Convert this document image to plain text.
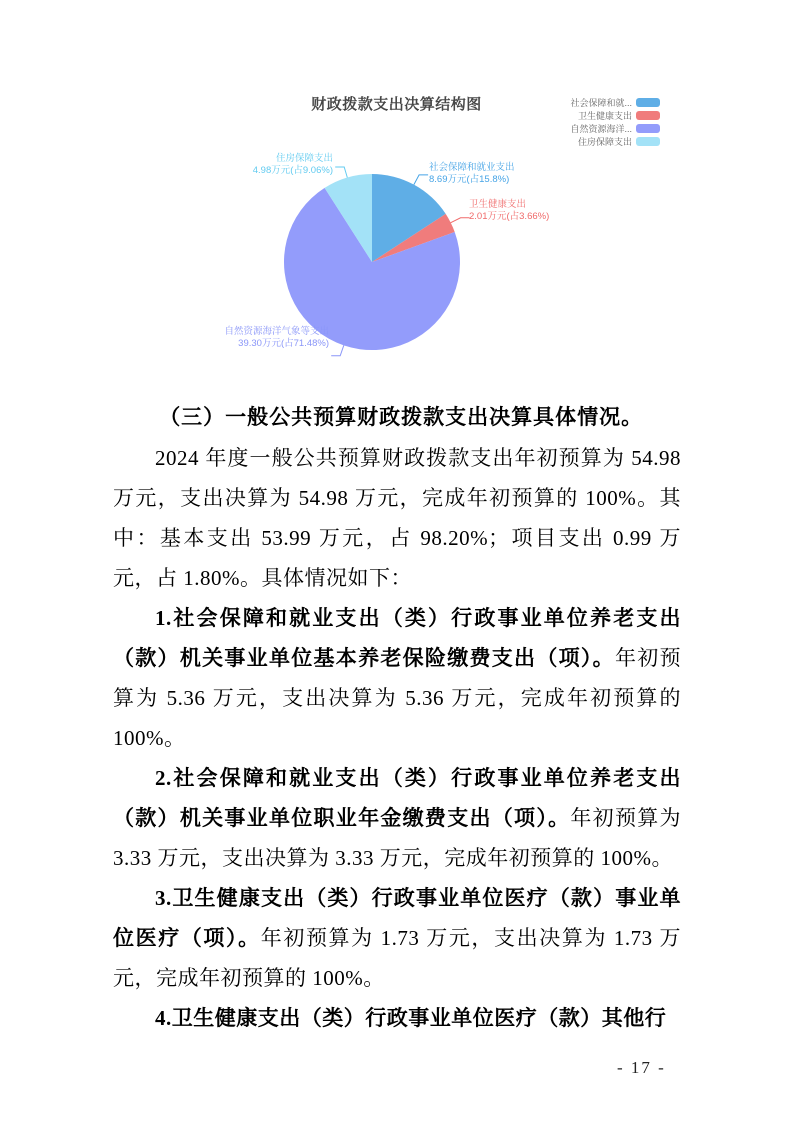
财政拨款支出决算结构图	社会保障和就...
卫生健康支出
自然资源海洋...
住房保障支出
社会保障和就业支出
8.69万元(占15.8%)
卫生健康支出
2.01万元(占3.66%)
自然资源海洋气象等支出
39.30万元(占71.48%)
住房保障支出
4.98万元(占9.06%)
（三）一般公共预算财政拨款支出决算具体情况。

2024 年度一般公共预算财政拨款支出年初预算为 54.98 万元，支出决算为 54.98 万元，完成年初预算的 100%。其中：基本支出 53.99 万元，占 98.20%；项目支出 0.99 万元，占 1.80%。具体情况如下：

1.社会保障和就业支出（类）行政事业单位养老支出（款）机关事业单位基本养老保险缴费支出（项）。年初预算为 5.36 万元，支出决算为 5.36 万元，完成年初预算的 100%。

2.社会保障和就业支出（类）行政事业单位养老支出（款）机关事业单位职业年金缴费支出（项）。年初预算为 3.33 万元，支出决算为 3.33 万元，完成年初预算的 100%。

3.卫生健康支出（类）行政事业单位医疗（款）事业单位医疗（项）。年初预算为 1.73 万元，支出决算为 1.73 万元，完成年初预算的 100%。

4.卫生健康支出（类）行政事业单位医疗（款）其他行

- 17 -
